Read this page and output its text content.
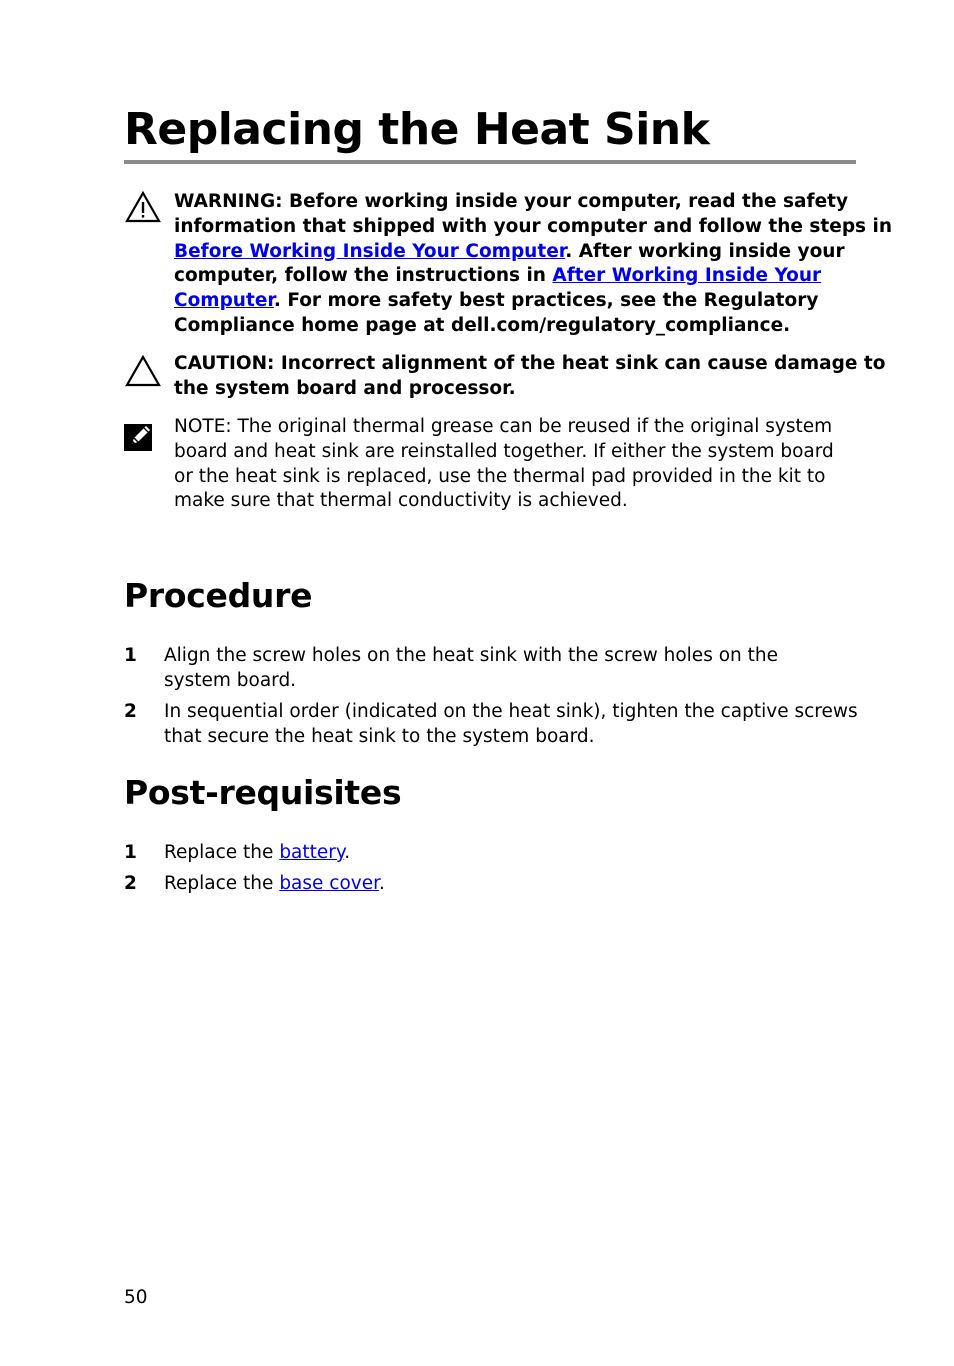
Replacing the Heat Sink
WARNING: Before working inside your computer, read the safety
information that shipped with your computer and follow the steps in
Before Working Inside Your Computer. After working inside your
computer, follow the instructions in After Working Inside Your
Computer. For more safety best practices, see the Regulatory
Compliance home page at dell.com/regulatory_compliance.
CAUTION: Incorrect alignment of the heat sink can cause damage to
the system board and processor.
NOTE: The original thermal grease can be reused if the original system
board and heat sink are reinstalled together. If either the system board
or the heat sink is replaced, use the thermal pad provided in the kit to
make sure that thermal conductivity is achieved.
Procedure
1 Align the screw holes on the heat sink with the screw holes on the
system board.
2 In sequential order (indicated on the heat sink), tighten the captive screws
that secure the heat sink to the system board.
Post-requisites
1 Replace the battery.
2 Replace the base cover.
50
